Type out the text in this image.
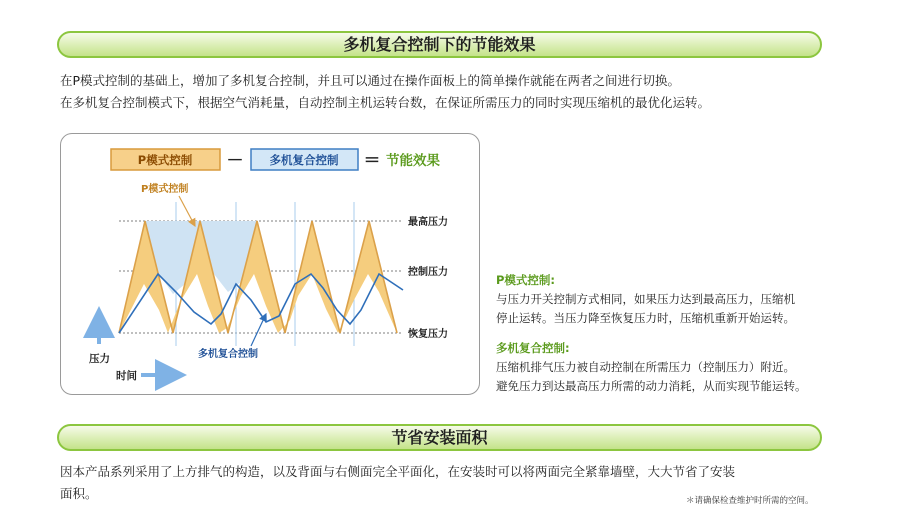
多机复合控制下的节能效果
在P模式控制的基础上，增加了多机复合控制，并且可以通过在操作面板上的简单操作就能在两者之间进行切换。
在多机复合控制模式下，根据空气消耗量，自动控制主机运转台数，在保证所需压力的同时实现压缩机的最优化运转。
P模式控制 － 多机复合控制 ＝ 节能效果
P模式控制
多机复合控制
最高压力
控制压力
恢复压力
压力
时间
P模式控制:
与压力开关控制方式相同，如果压力达到最高压力，压缩机
停止运转。当压力降至恢复压力时，压缩机重新开始运转。
多机复合控制:
压缩机排气压力被自动控制在所需压力（控制压力）附近。
避免压力到达最高压力所需的动力消耗，从而实现节能运转。
节省安装面积
因本产品系列采用了上方排气的构造，以及背面与右侧面完全平面化，在安装时可以将两面完全紧靠墙壁，大大节省了安装
面积。	＊请确保检查维护时所需的空间。
